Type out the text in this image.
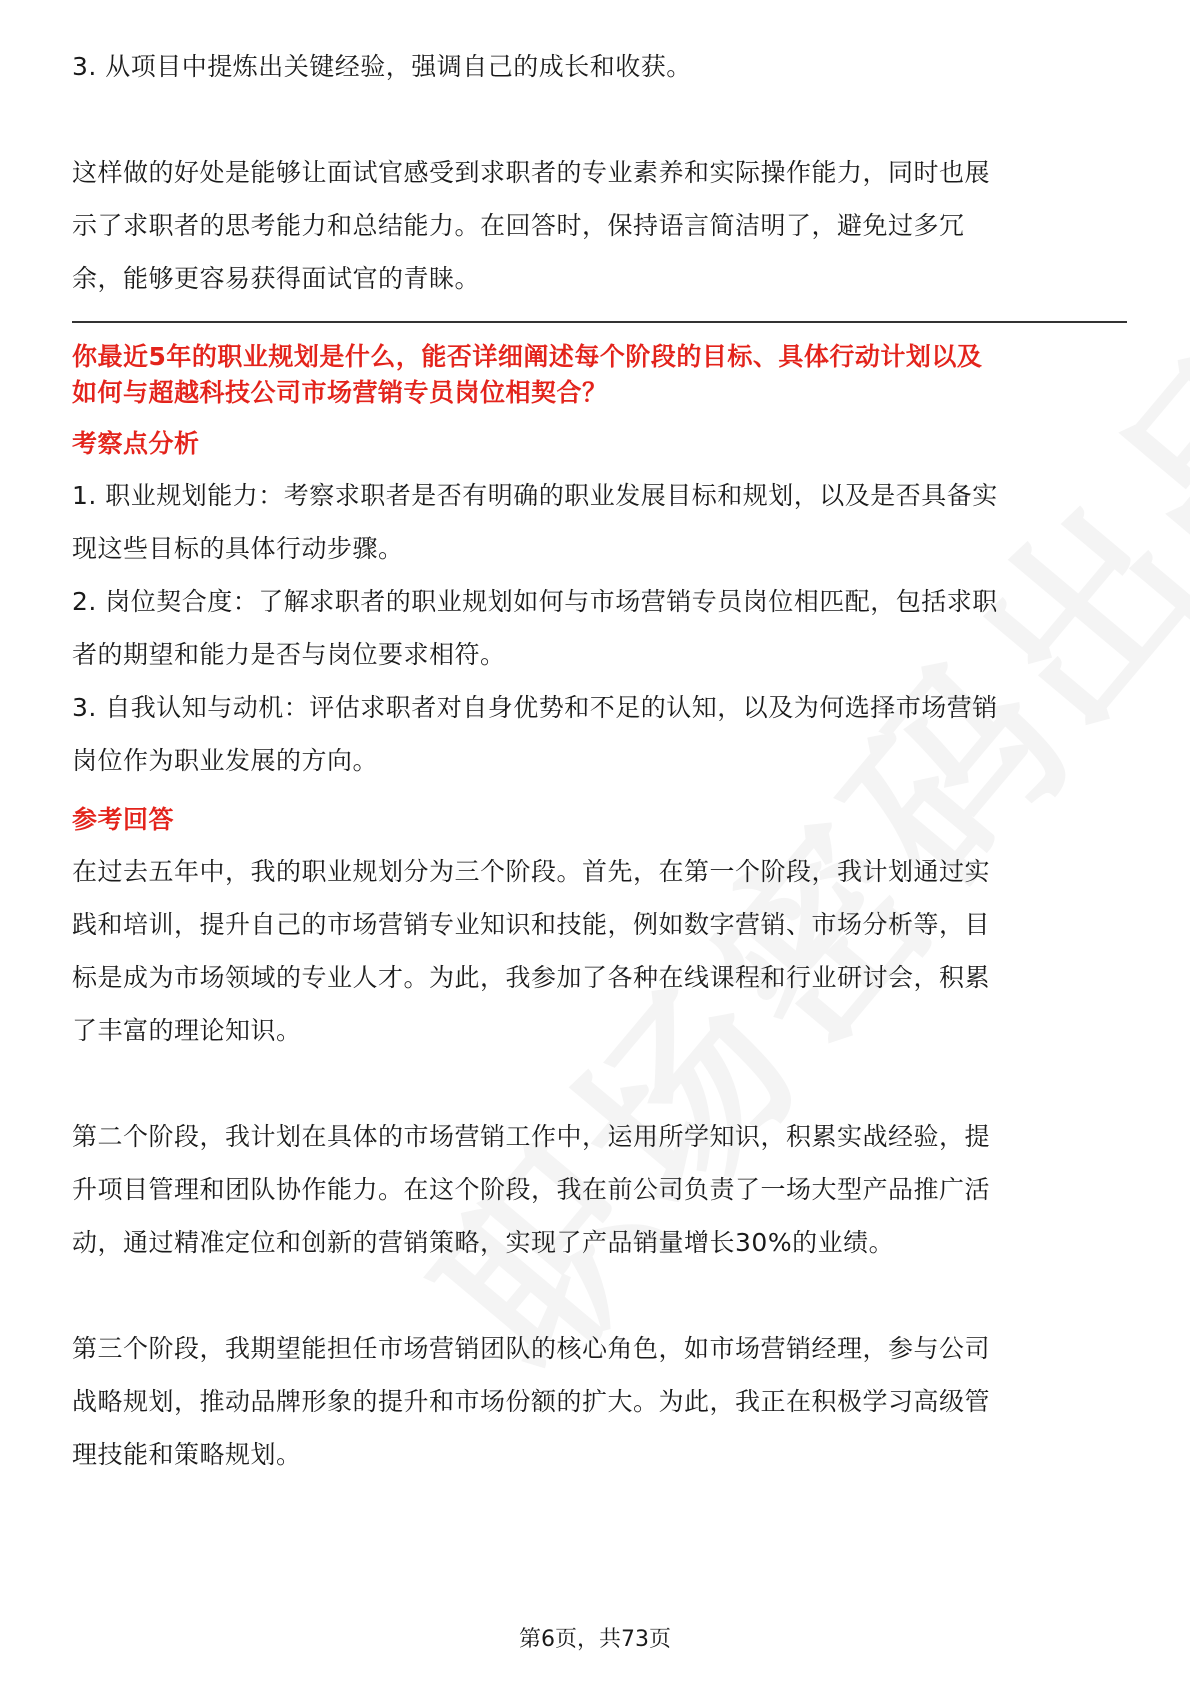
3. 从项目中提炼出关键经验，强调自己的成长和收获。

这样做的好处是能够让面试官感受到求职者的专业素养和实际操作能力，同时也展

示了求职者的思考能力和总结能力。在回答时，保持语言简洁明了，避免过多冗

余，能够更容易获得面试官的青睐。

你最近5年的职业规划是什么，能否详细阐述每个阶段的目标、具体行动计划以及

如何与超越科技公司市场营销专员岗位相契合？

考察点分析

1. 职业规划能力：考察求职者是否有明确的职业发展目标和规划，以及是否具备实

现这些目标的具体行动步骤。

2. 岗位契合度：了解求职者的职业规划如何与市场营销专员岗位相匹配，包括求职

者的期望和能力是否与岗位要求相符。

3. 自我认知与动机：评估求职者对自身优势和不足的认知，以及为何选择市场营销

岗位作为职业发展的方向。

参考回答

在过去五年中，我的职业规划分为三个阶段。首先，在第一个阶段，我计划通过实

践和培训，提升自己的市场营销专业知识和技能，例如数字营销、市场分析等，目

标是成为市场领域的专业人才。为此，我参加了各种在线课程和行业研讨会，积累

了丰富的理论知识。

第二个阶段，我计划在具体的市场营销工作中，运用所学知识，积累实战经验，提

升项目管理和团队协作能力。在这个阶段，我在前公司负责了一场大型产品推广活

动，通过精准定位和创新的营销策略，实现了产品销量增长30%的业绩。

第三个阶段，我期望能担任市场营销团队的核心角色，如市场营销经理，参与公司

战略规划，推动品牌形象的提升和市场份额的扩大。为此，我正在积极学习高级管

理技能和策略规划。

第6页，共73页
